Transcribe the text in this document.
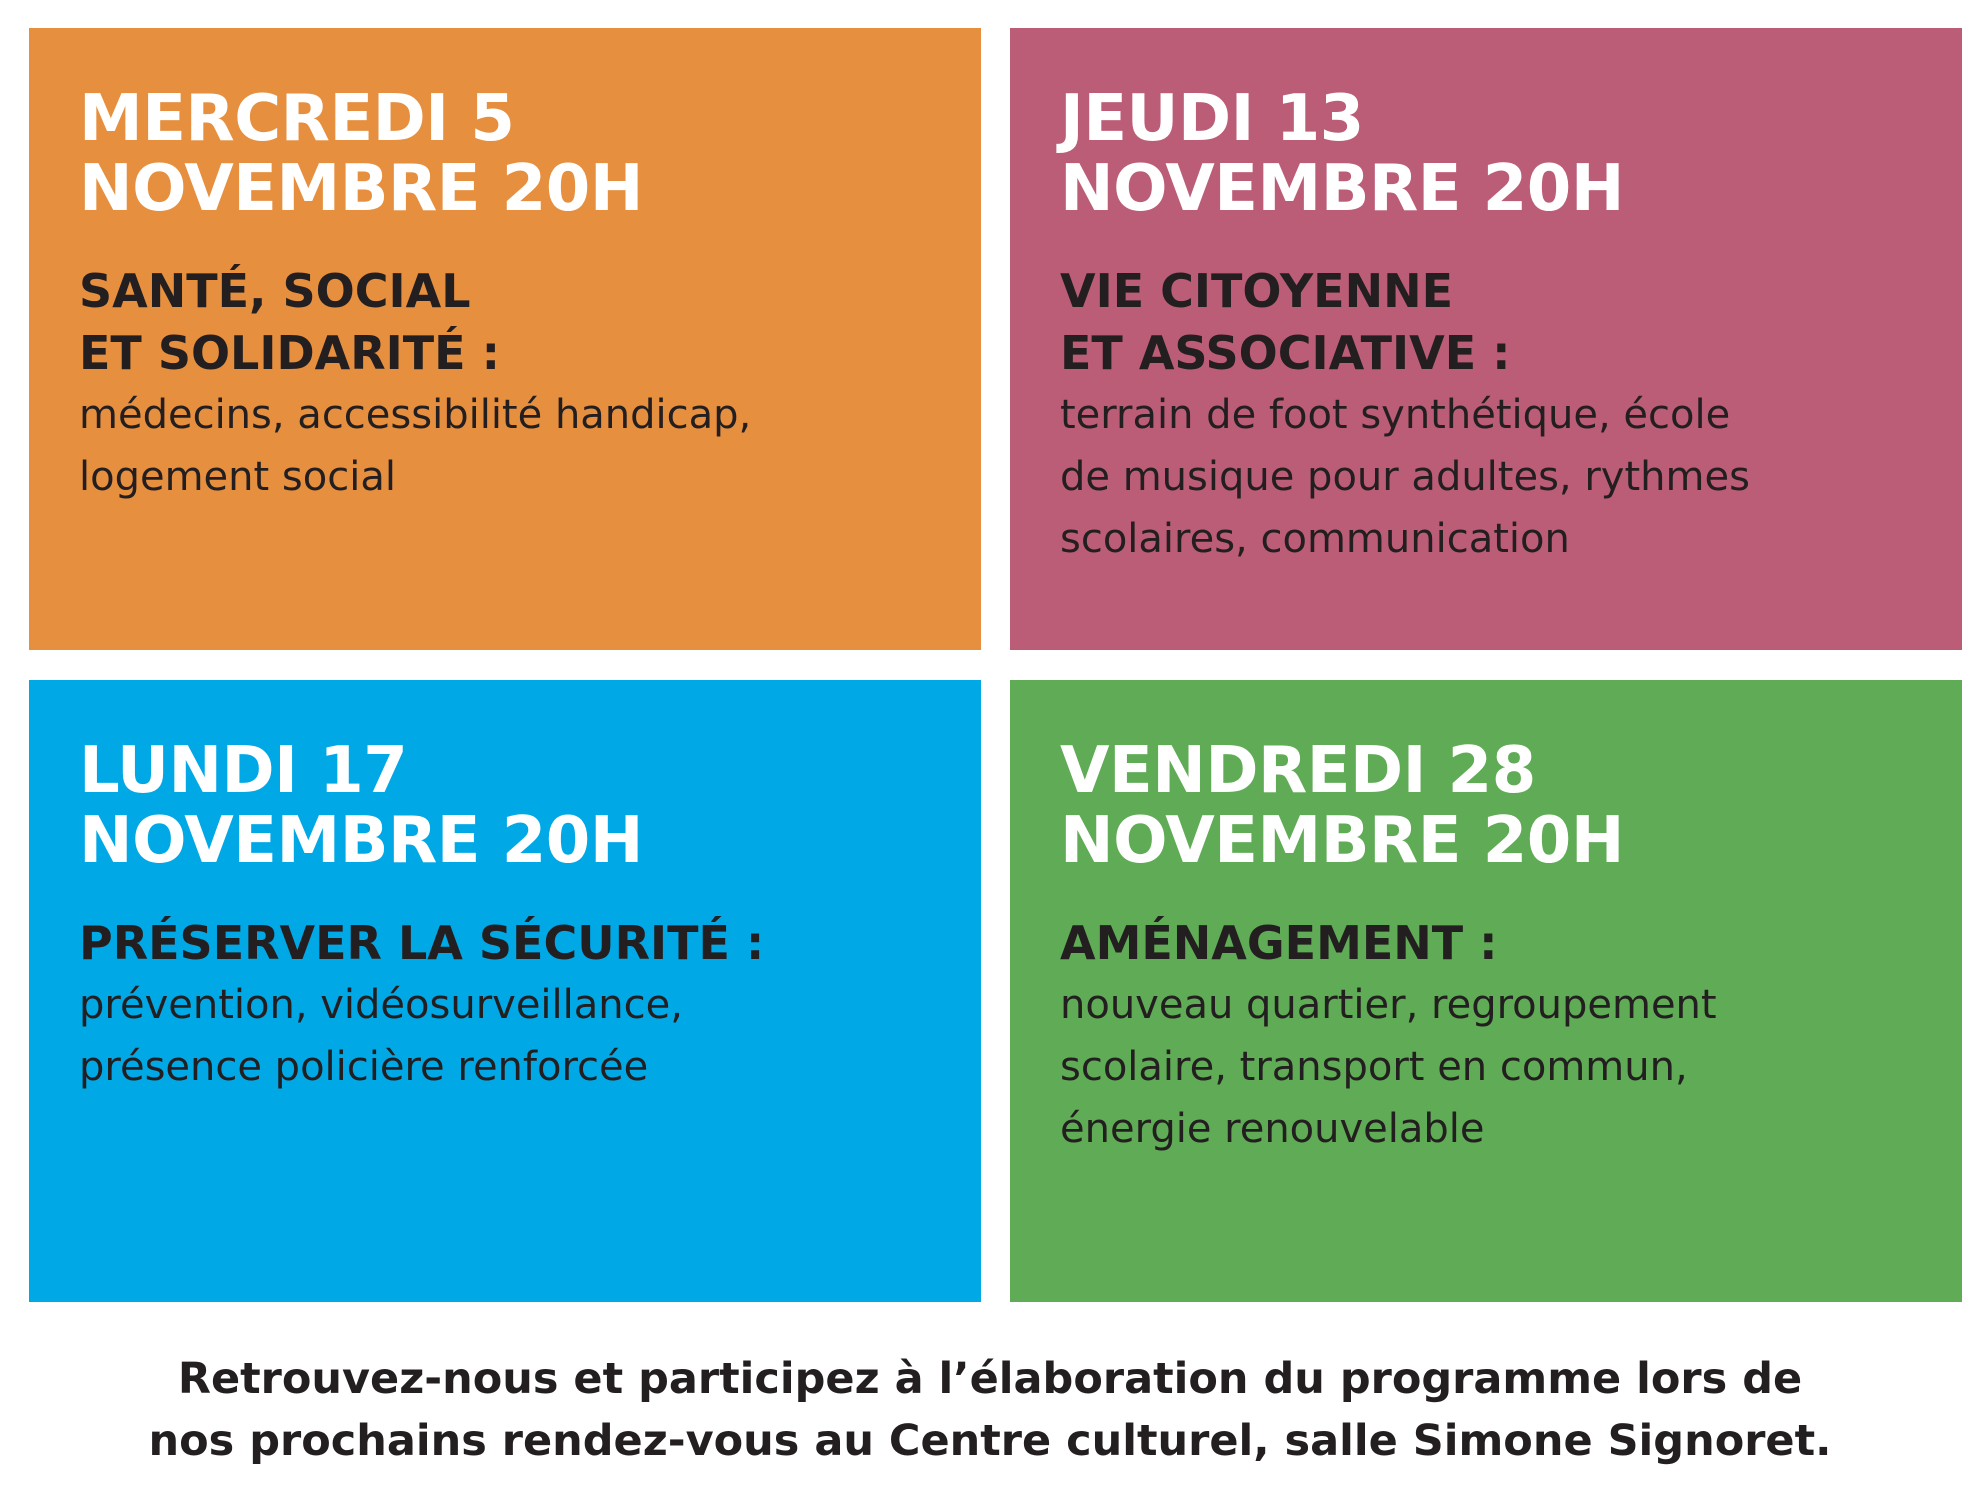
MERCREDI 5
NOVEMBRE 20H

SANTÉ, SOCIAL
ET SOLIDARITÉ :

médecins, accessibilité handicap,
logement social

JEUDI 13
NOVEMBRE 20H

VIE CITOYENNE
ET ASSOCIATIVE :

terrain de foot synthétique, école
de musique pour adultes, rythmes
scolaires, communication

LUNDI 17
NOVEMBRE 20H

PRÉSERVER LA SÉCURITÉ :

prévention, vidéosurveillance,
présence policière renforcée

VENDREDI 28
NOVEMBRE 20H

AMÉNAGEMENT :

nouveau quartier, regroupement
scolaire, transport en commun,
énergie renouvelable

Retrouvez-nous et participez à l’élaboration du programme lors de
nos prochains rendez-vous au Centre culturel, salle Simone Signoret.
